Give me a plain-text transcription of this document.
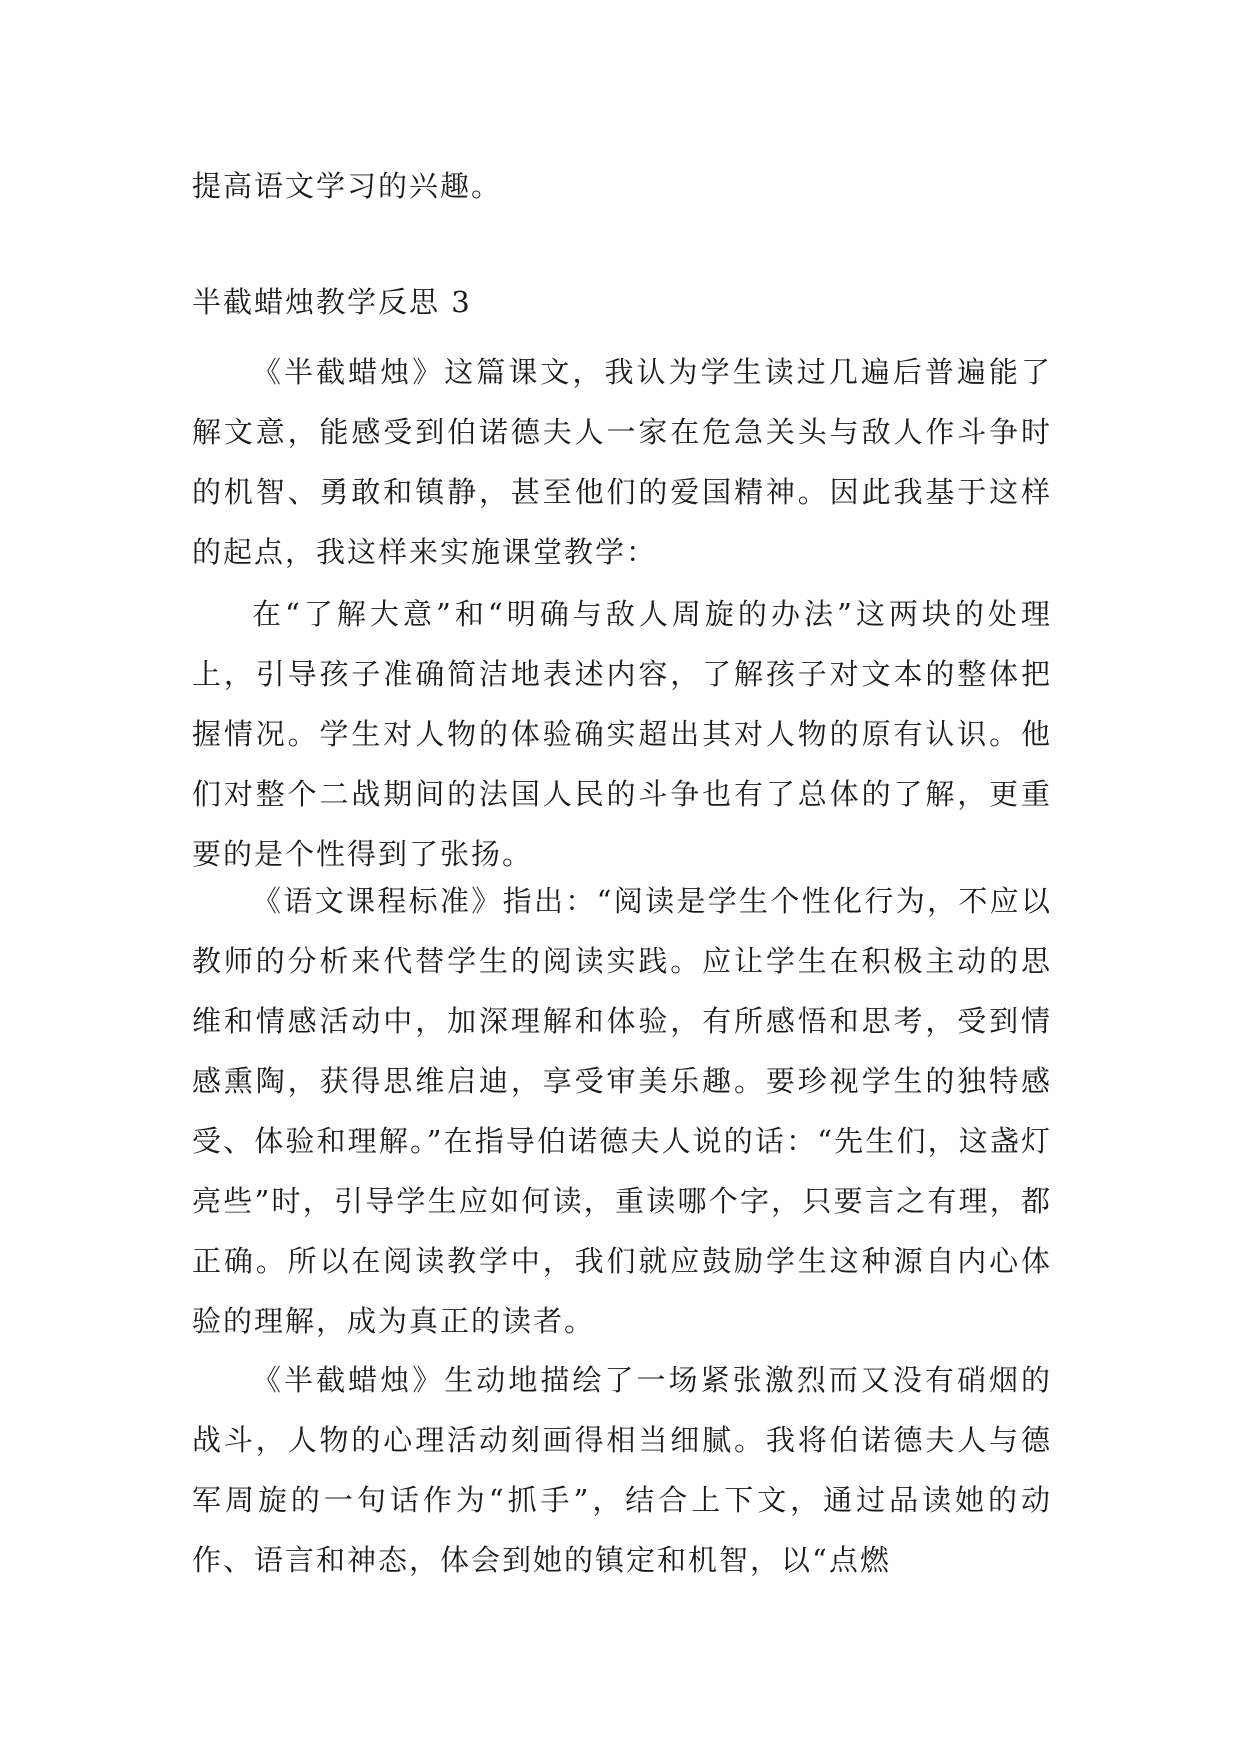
提高语文学习的兴趣。
半截蜡烛教学反思 3
《半截蜡烛》这篇课文，我认为学生读过几遍后普遍能了解文意，能感受到伯诺德夫人一家在危急关头与敌人作斗争时的机智、勇敢和镇静，甚至他们的爱国精神。因此我基于这样的起点，我这样来实施课堂教学：
在“了解大意”和“明确与敌人周旋的办法”这两块的处理上，引导孩子准确简洁地表述内容，了解孩子对文本的整体把握情况。学生对人物的体验确实超出其对人物的原有认识。他们对整个二战期间的法国人民的斗争也有了总体的了解，更重要的是个性得到了张扬。
《语文课程标准》指出：“阅读是学生个性化行为，不应以教师的分析来代替学生的阅读实践。应让学生在积极主动的思维和情感活动中，加深理解和体验，有所感悟和思考，受到情感熏陶，获得思维启迪，享受审美乐趣。要珍视学生的独特感受、体验和理解。”在指导伯诺德夫人说的话：“先生们，这盏灯亮些”时，引导学生应如何读，重读哪个字，只要言之有理，都正确。所以在阅读教学中，我们就应鼓励学生这种源自内心体验的理解，成为真正的读者。
《半截蜡烛》生动地描绘了一场紧张激烈而又没有硝烟的战斗，人物的心理活动刻画得相当细腻。我将伯诺德夫人与德军周旋的一句话作为“抓手”，结合上下文，通过品读她的动作、语言和神态，体会到她的镇定和机智，以“点燃
